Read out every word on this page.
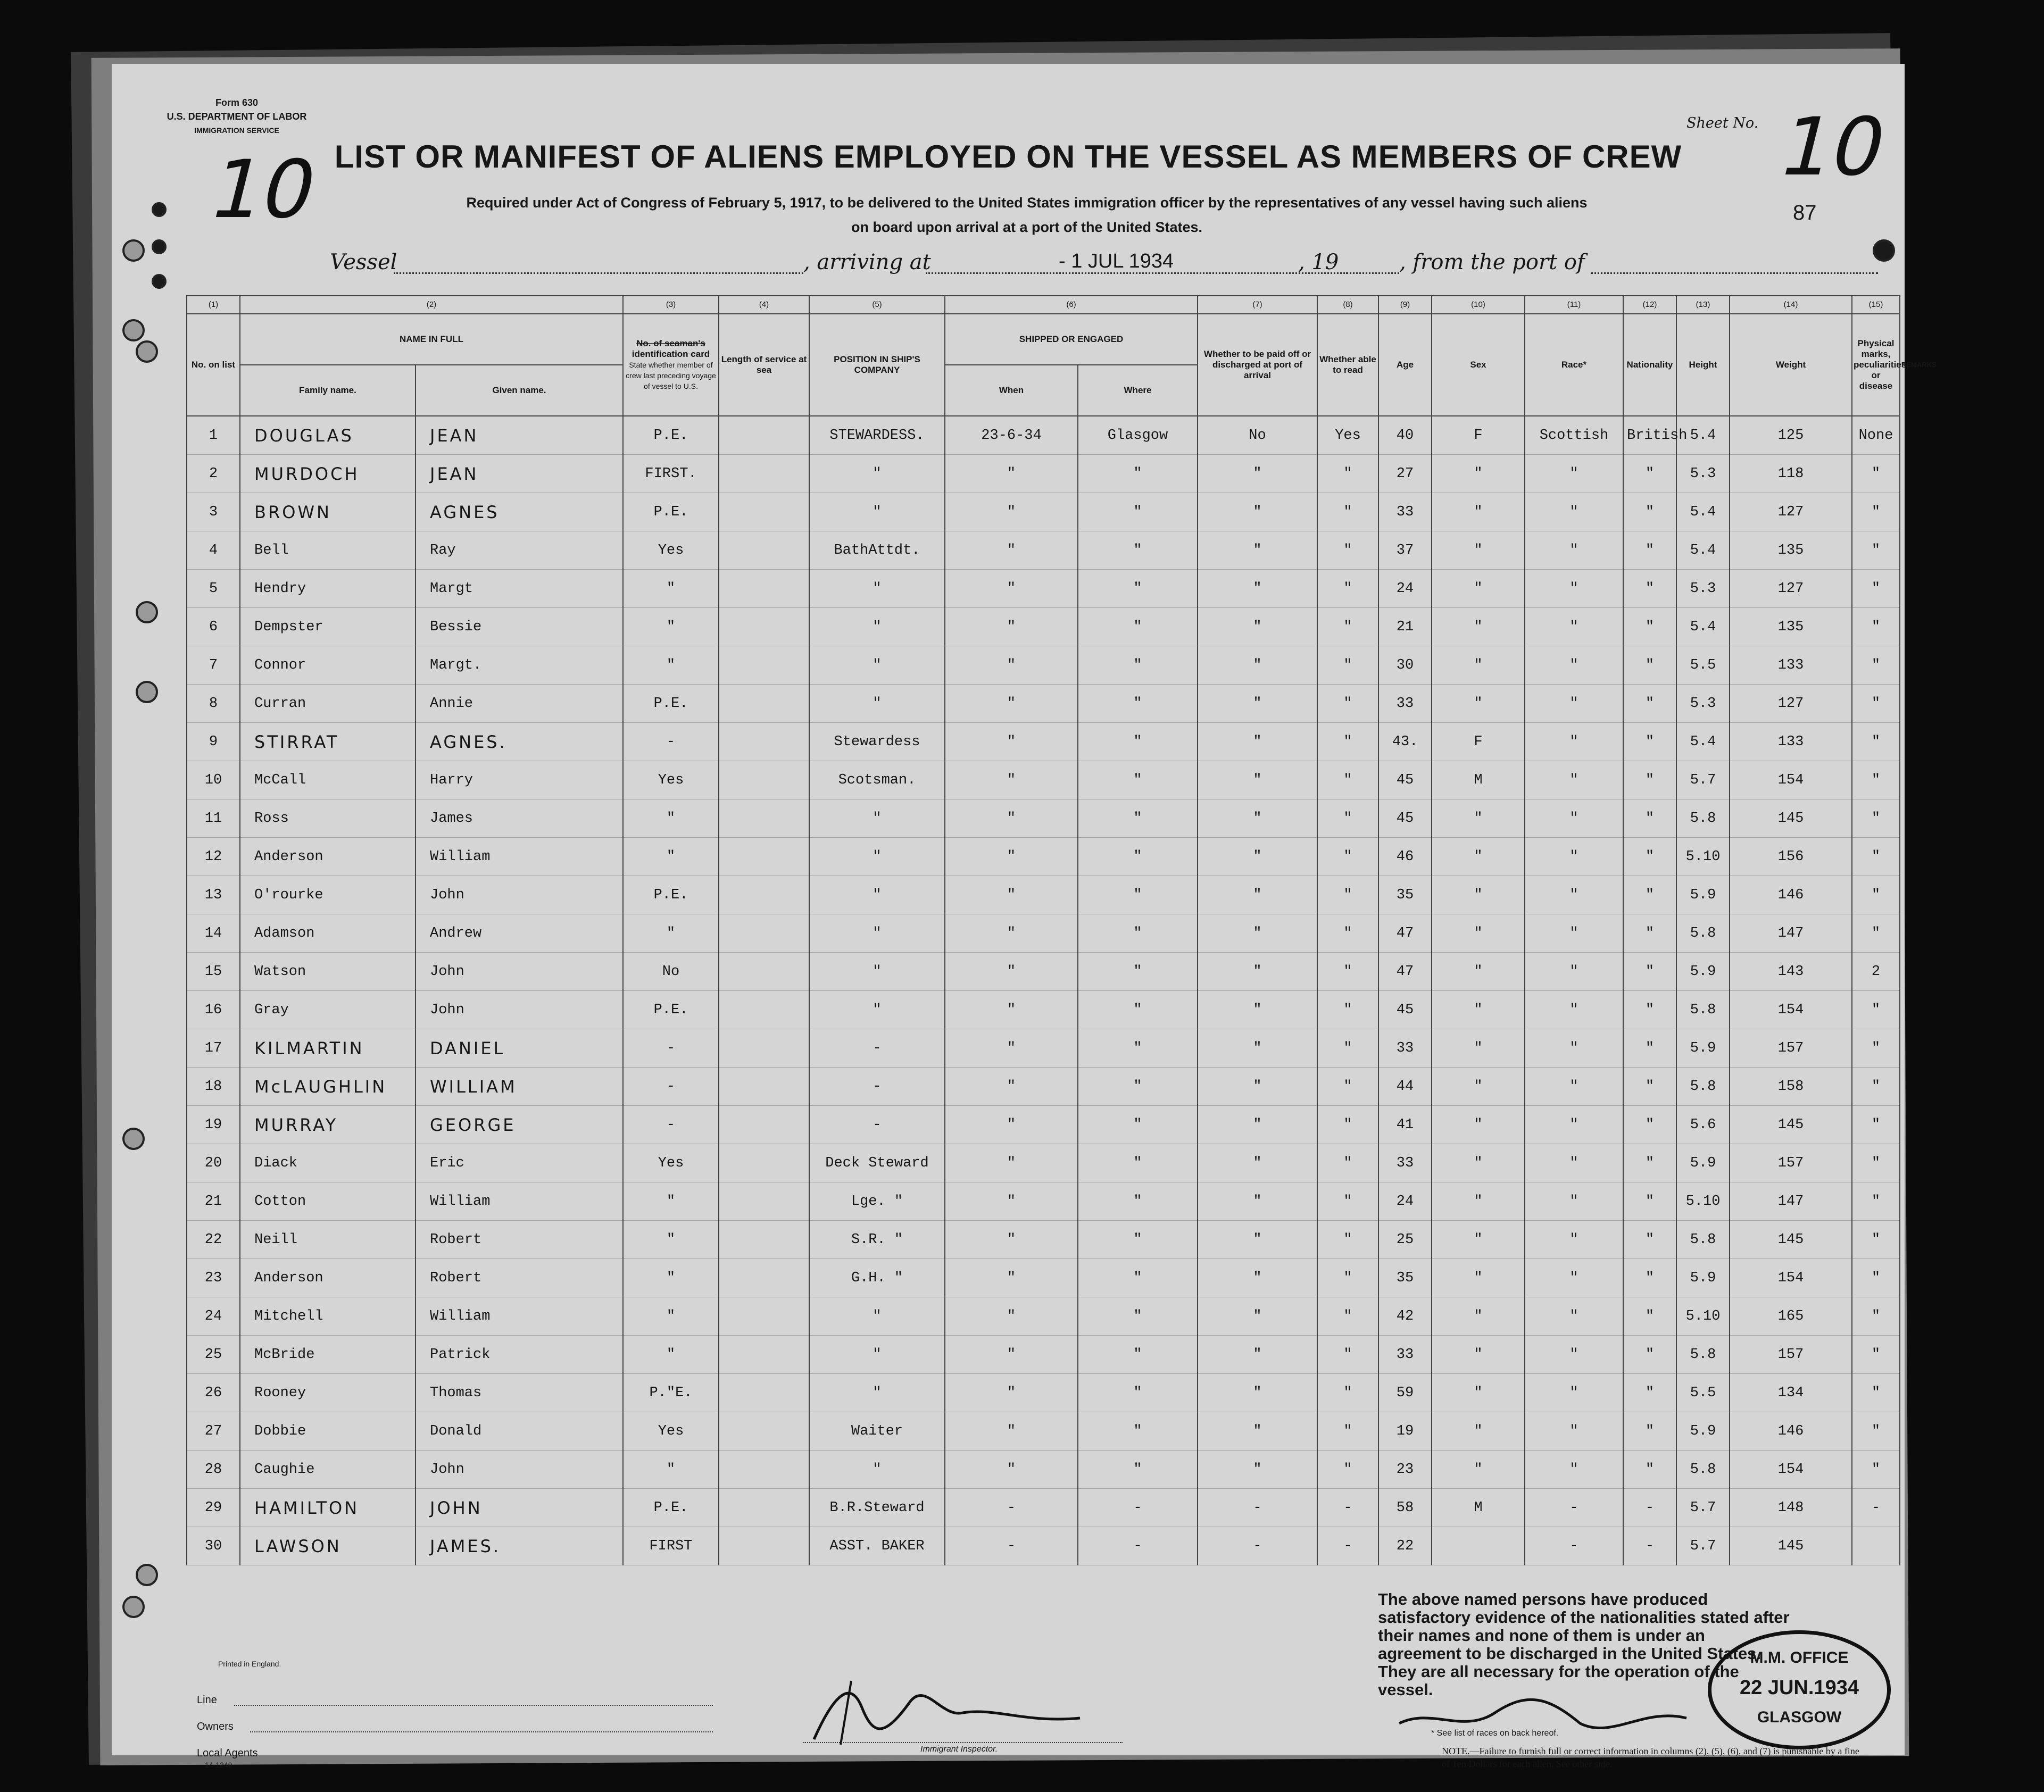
Form 630
U.S. DEPARTMENT OF LABOR
IMMIGRATION SERVICE
10	10
Sheet No.
87
LIST OR MANIFEST OF ALIENS EMPLOYED ON THE VESSEL AS MEMBERS OF CREW
Required under Act of Congress of February 5, 1917, to be delivered to the United States immigration officer by the representatives of any vessel having such aliens
on board upon arrival at a port of the United States.
Vessel	, arriving at	- 1 JUL 1934	, 19	, from the port of
(1)	(2)		(3)	(4)	(5)	(6)		(7)	(8)	(9)	(10)	(11)	(12)	(13)	(14)	(15)	
No. on list	NAME IN FULL		No. of seaman's identification card
State whether member of crew last preceding voyage of vessel to U.S.	Length of service at sea	POSITION IN SHIP'S COMPANY	SHIPPED OR ENGAGED		Whether to be paid off or discharged at port of arrival	Whether able to read	Age	Sex	Race*	Nationality	Height	Weight	Physical marks, peculiarities, or disease	REMARKS
	Family name.	Given name.				When	Where										
1	DOUGLAS	JEAN	P.E.		STEWARDESS.	23-6-34	Glasgow	No	Yes	40	F	Scottish	British	5.4	125	None	
2	MURDOCH	JEAN	FIRST.		"	"	"	"	"	27	"	"	"	5.3	118	"	
3	BROWN	AGNES	P.E.		"	"	"	"	"	33	"	"	"	5.4	127	"	
4	Bell	Ray	Yes		BathAttdt.	"	"	"	"	37	"	"	"	5.4	135	"	
5	Hendry	Margt	"		"	"	"	"	"	24	"	"	"	5.3	127	"	
6	Dempster	Bessie	"		"	"	"	"	"	21	"	"	"	5.4	135	"	
7	Connor	Margt.	"		"	"	"	"	"	30	"	"	"	5.5	133	"	
8	Curran	Annie	P.E.		"	"	"	"	"	33	"	"	"	5.3	127	"	
9	STIRRAT	AGNES.	-		Stewardess	"	"	"	"	43.	F	"	"	5.4	133	"	
10	McCall	Harry	Yes		Scotsman.	"	"	"	"	45	M	"	"	5.7	154	"	
11	Ross	James	"		"	"	"	"	"	45	"	"	"	5.8	145	"	
12	Anderson	William	"		"	"	"	"	"	46	"	"	"	5.10	156	"	
13	O'rourke	John	P.E.		"	"	"	"	"	35	"	"	"	5.9	146	"	
14	Adamson	Andrew	"		"	"	"	"	"	47	"	"	"	5.8	147	"	
15	Watson	John	No		"	"	"	"	"	47	"	"	"	5.9	143	2	
16	Gray	John	P.E.		"	"	"	"	"	45	"	"	"	5.8	154	"	
17	KILMARTIN	DANIEL	-		-	"	"	"	"	33	"	"	"	5.9	157	"	
18	McLAUGHLIN	WILLIAM	-		-	"	"	"	"	44	"	"	"	5.8	158	"	
19	MURRAY	GEORGE	-		-	"	"	"	"	41	"	"	"	5.6	145	"	
20	Diack	Eric	Yes		Deck Steward	"	"	"	"	33	"	"	"	5.9	157	"	
21	Cotton	William	"		Lge. "	"	"	"	"	24	"	"	"	5.10	147	"	
22	Neill	Robert	"		S.R. "	"	"	"	"	25	"	"	"	5.8	145	"	
23	Anderson	Robert	"		G.H. "	"	"	"	"	35	"	"	"	5.9	154	"	
24	Mitchell	William	"		"	"	"	"	"	42	"	"	"	5.10	165	"	
25	McBride	Patrick	"		"	"	"	"	"	33	"	"	"	5.8	157	"	
26	Rooney	Thomas	P."E.		"	"	"	"	"	59	"	"	"	5.5	134	"	
27	Dobbie	Donald	Yes		Waiter	"	"	"	"	19	"	"	"	5.9	146	"	
28	Caughie	John	"		"	"	"	"	"	23	"	"	"	5.8	154	"	
29	HAMILTON	JOHN	P.E.		B.R.Steward	-	-	-	-	58	M	-	-	5.7	148	-	
30	LAWSON	JAMES.	FIRST		ASST. BAKER	-	-	-	-	22		-	-	5.7	145		
The above named persons have produced satisfactory evidence of the nationalities stated after their names and none of them is under an agreement to be discharged in the United States. They are all necessary for the operation of the vessel.
M.M. OFFICE
22 JUN.1934
GLASGOW
Printed in England.
Line
Owners
Local Agents
14-1240
Immigrant Inspector.
* See list of races on back hereof.
NOTE.—Failure to furnish full or correct information in columns (2), (5), (6), and (7) is punishable by a fine of Ten Dollars for each alien. See other side.
